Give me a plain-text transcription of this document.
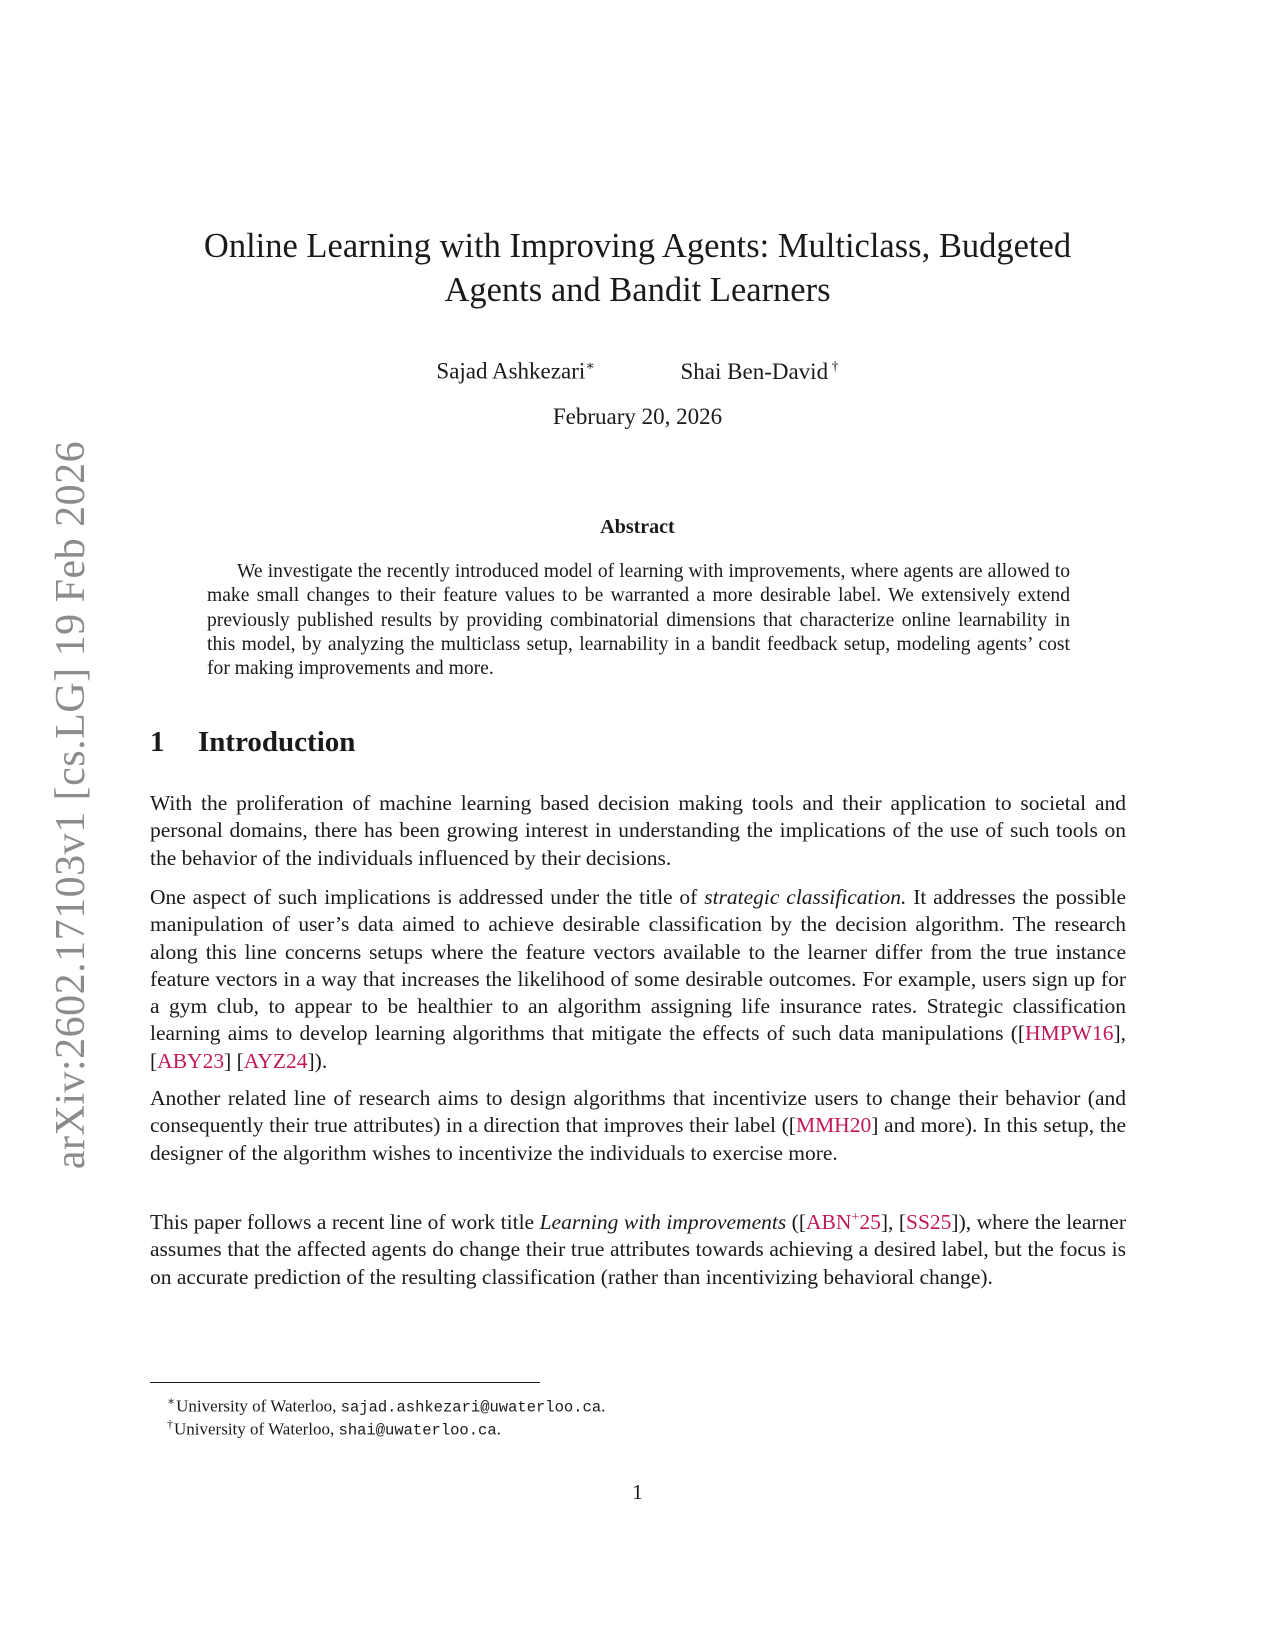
arXiv:2602.17103v1 [cs.LG] 19 Feb 2026
Online Learning with Improving Agents: Multiclass, Budgeted
Agents and Bandit Learners
Sajad Ashkezari∗	Shai Ben-David †
February 20, 2026
Abstract

We investigate the recently introduced model of learning with improvements, where agents are allowed to make small changes to their feature values to be warranted a more desirable label. We extensively extend previously published results by providing combinatorial dimensions that characterize online learnability in this model, by analyzing the multiclass setup, learnability in a bandit feedback setup, modeling agents’ cost for making improvements and more.

1 Introduction

With the proliferation of machine learning based decision making tools and their application to societal and personal domains, there has been growing interest in understanding the implications of the use of such tools on the behavior of the individuals influenced by their decisions.

One aspect of such implications is addressed under the title of strategic classification. It addresses the possible manipulation of user’s data aimed to achieve desirable classification by the decision algorithm. The research along this line concerns setups where the feature vectors available to the learner differ from the true instance feature vectors in a way that increases the likelihood of some desirable outcomes. For example, users sign up for a gym club, to appear to be healthier to an algorithm assigning life insurance rates. Strategic classification learning aims to develop learning algorithms that mitigate the effects of such data manipulations ([HMPW16], [ABY23] [AYZ24]).

Another related line of research aims to design algorithms that incentivize users to change their behavior (and consequently their true attributes) in a direction that improves their label ([MMH20] and more). In this setup, the designer of the algorithm wishes to incentivize the individuals to exercise more.

This paper follows a recent line of work title Learning with improvements ([ABN+25], [SS25]), where the learner assumes that the affected agents do change their true attributes towards achieving a desired label, but the focus is on accurate prediction of the resulting classification (rather than incentivizing behavioral change).

∗University of Waterloo, sajad.ashkezari@uwaterloo.ca.

†University of Waterloo, shai@uwaterloo.ca.

1
